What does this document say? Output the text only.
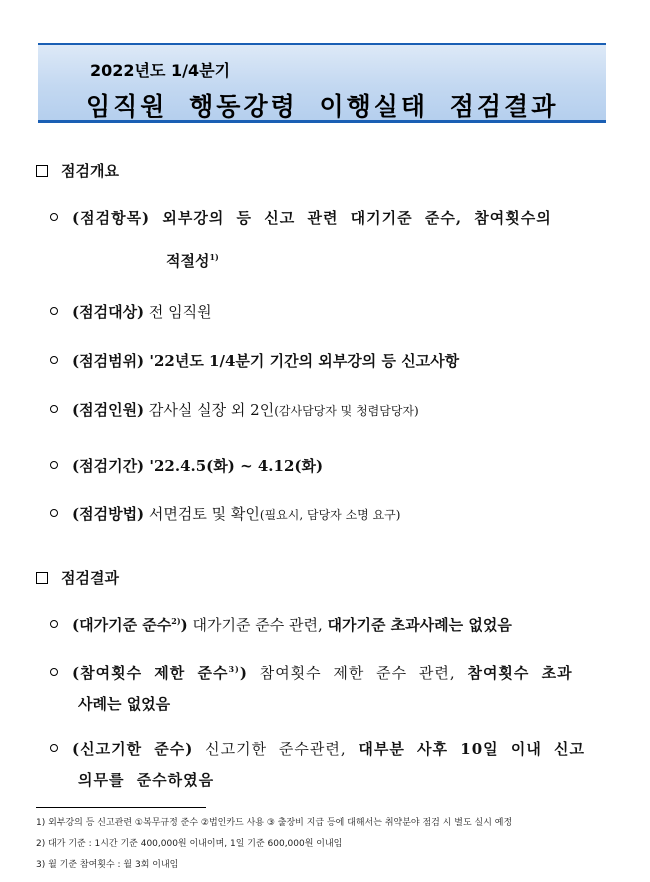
2022년도 1/4분기
임직원 행동강령 이행실태 점검결과
점검개요
(점검항목) 외부강의 등 신고 관련 대기기준 준수, 참여횟수의
적절성$^{1)}$
(점검대상) 전 임직원
(점검범위) '22년도 1/4분기 기간의 외부강의 등 신고사항
(점검인원) 감사실 실장 외 2인(감사담당자 및 청렴담당자)
(점검기간) '22.4.5(화) ~ 4.12(화)
(점검방법) 서면검토 및 확인(필요시, 담당자 소명 요구)
점검결과
(대가기준 준수$^{2)}$) 대가기준 준수 관련, 대가기준 초과사례는 없었음
(참여횟수 제한 준수$^{3)}$) 참여횟수 제한 준수 관련, 참여횟수 초과
사례는 없었음
(신고기한 준수) 신고기한 준수관련, 대부분 사후 10일 이내 신고
의무를 준수하였음
1) 외부강의 등 신고관련 ①복무규정 준수 ②법인카드 사용 ③ 출장비 지급 등에 대해서는 취약분야 점검 시 별도 실시 예정
2) 대가 기준 : 1시간 기준 400,000원 이내이며, 1일 기준 600,000원 이내임
3) 월 기준 참여횟수 : 월 3회 이내임
